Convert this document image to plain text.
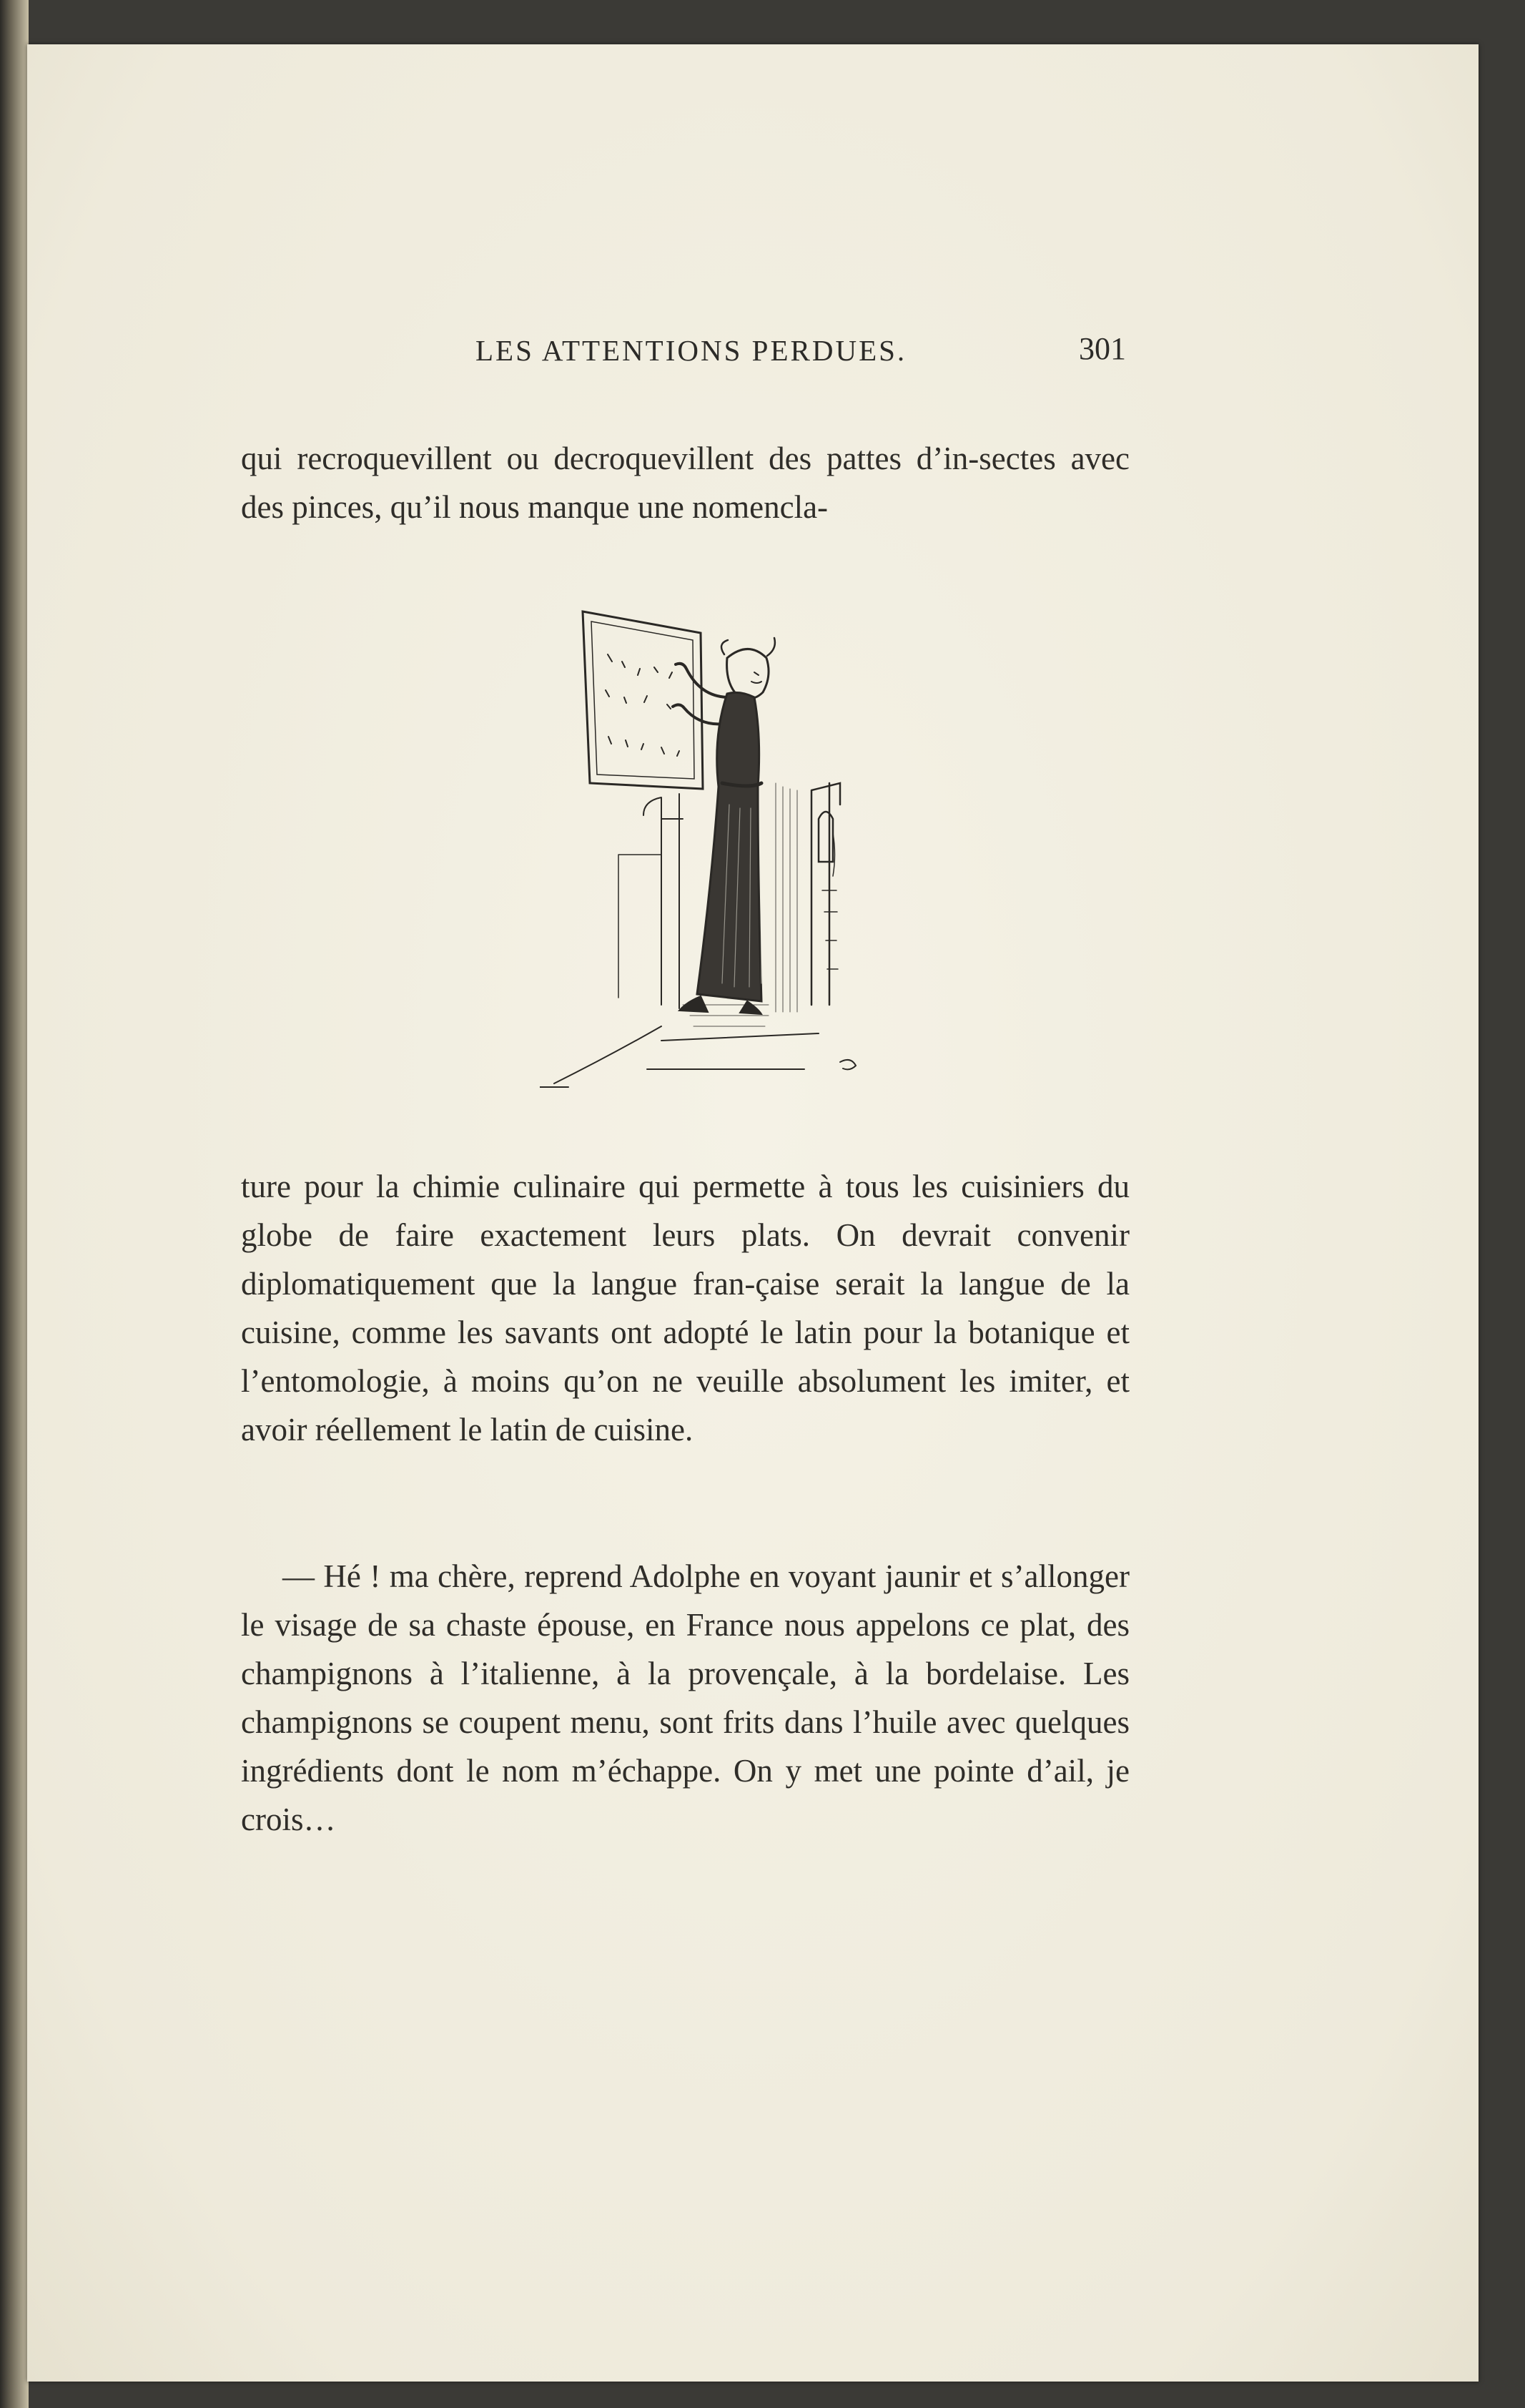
LES ATTENTIONS PERDUES.	301

qui recroquevillent ou decroquevillent des pattes d’in-sectes avec des pinces, qu’il nous manque une nomencla-

ture pour la chimie culinaire qui permette à tous les cuisiniers du globe de faire exactement leurs plats. On devrait convenir diplomatiquement que la langue fran-çaise serait la langue de la cuisine, comme les savants ont adopté le latin pour la botanique et l’entomologie, à moins qu’on ne veuille absolument les imiter, et avoir réellement le latin de cuisine.

— Hé ! ma chère, reprend Adolphe en voyant jaunir et s’allonger le visage de sa chaste épouse, en France nous appelons ce plat, des champignons à l’italienne, à la provençale, à la bordelaise. Les champignons se coupent menu, sont frits dans l’huile avec quelques ingrédients dont le nom m’échappe. On y met une pointe d’ail, je crois…
